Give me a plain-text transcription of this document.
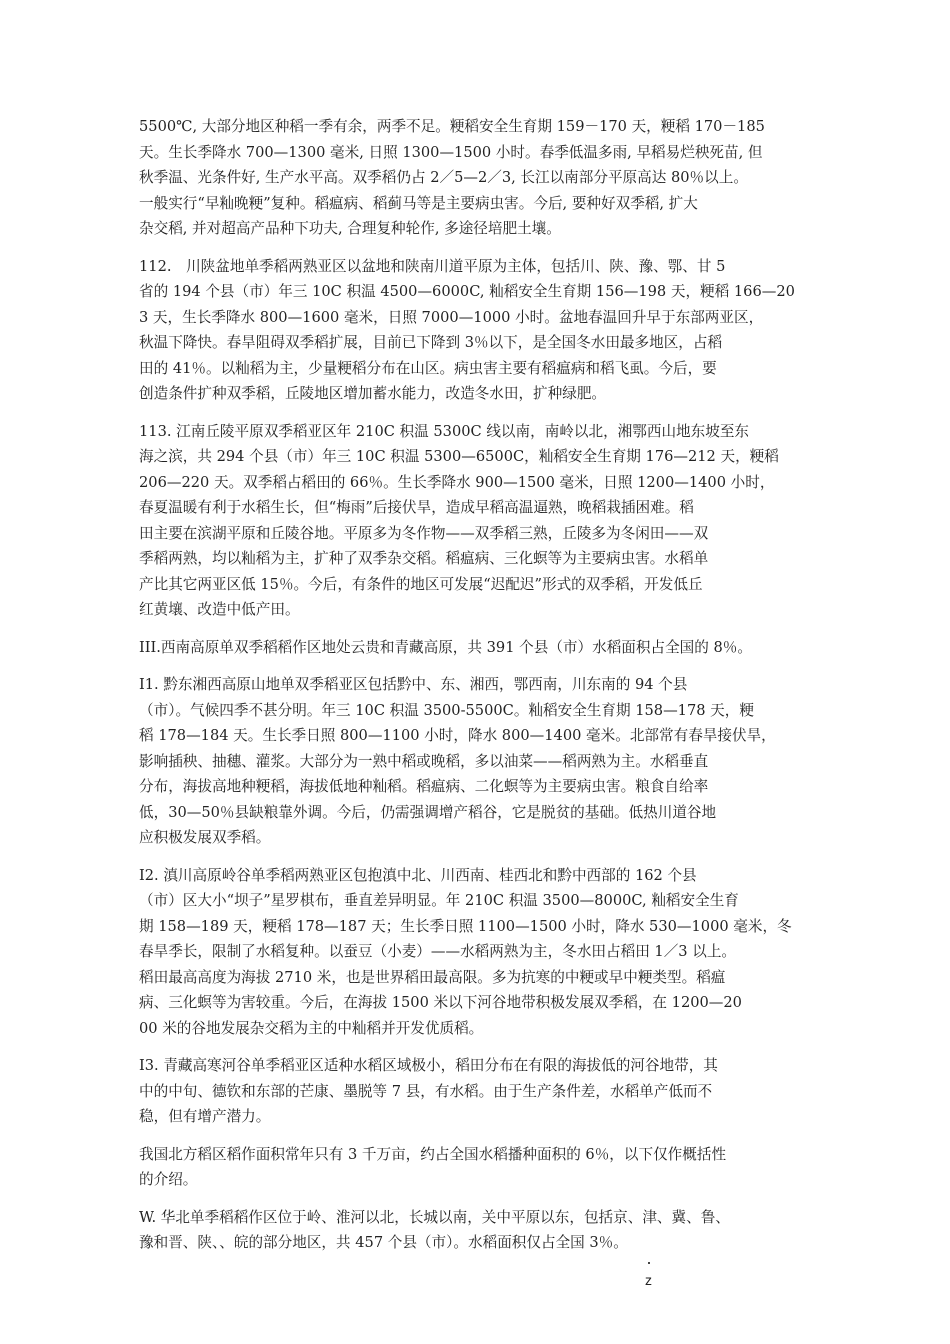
5500℃, 大部分地区种稻一季有余，两季不足。粳稻安全生育期 159－170 天，粳稻 170－185
天。生长季降水 700—1300 毫米, 日照 1300—1500 小时。春季低温多雨, 早稻易烂秧死苗, 但
秋季温、光条件好, 生产水平高。双季稻仍占 2／5—2／3, 长江以南部分平原高达 80％以上。
一般实行“早籼晚粳”复种。稻瘟病、稻蓟马等是主要病虫害。今后, 要种好双季稻, 扩大
杂交稻, 并对超高产品种下功夫, 合理复种轮作, 多途径培肥土壤。

112.　川陕盆地单季稻两熟亚区以盆地和陕南川道平原为主体，包括川、陕、豫、鄂、甘 5
省的 194 个县（市）年三 10C 积温 4500—6000C, 籼稻安全生育期 156—198 天，粳稻 166—20
3 天，生长季降水 800—1600 毫米，日照 7000—1000 小时。盆地春温回升早于东部两亚区，
秋温下降快。春旱阻碍双季稻扩展，目前已下降到 3％以下，是全国冬水田最多地区，占稻
田的 41％。以籼稻为主，少量粳稻分布在山区。病虫害主要有稻瘟病和稻飞虱。今后，要
创造条件扩种双季稻，丘陵地区增加蓄水能力，改造冬水田，扩种绿肥。

113. 江南丘陵平原双季稻亚区年 210C 积温 5300C 线以南，南岭以北，湘鄂西山地东坡至东
海之滨，共 294 个县（市）年三 10C 积温 5300—6500C，籼稻安全生育期 176—212 天，粳稻
206—220 天。双季稻占稻田的 66％。生长季降水 900—1500 毫米，日照 1200—1400 小时，
春夏温暖有利于水稻生长，但“梅雨”后接伏旱，造成早稻高温逼熟，晚稻栽插困难。稻
田主要在滨湖平原和丘陵谷地。平原多为冬作物——双季稻三熟，丘陵多为冬闲田——双
季稻两熟，均以籼稻为主，扩种了双季杂交稻。稻瘟病、三化螟等为主要病虫害。水稻单
产比其它两亚区低 15％。今后，有条件的地区可发展“迟配迟”形式的双季稻，开发低丘
红黄壤、改造中低产田。

III.西南高原单双季稻稻作区地处云贵和青藏高原，共 391 个县（市）水稻面积占全国的 8％。

I1. 黔东湘西高原山地单双季稻亚区包括黔中、东、湘西，鄂西南，川东南的 94 个县
（市）。气候四季不甚分明。年三 10C 积温 3500-5500C。籼稻安全生育期 158—178 天，粳
稻 178—184 天。生长季日照 800—1100 小时，降水 800—1400 毫米。北部常有春旱接伏旱，
影响插秧、抽穗、灌浆。大部分为一熟中稻或晚稻，多以油菜——稻两熟为主。水稻垂直
分布，海拔高地种粳稻，海拔低地种籼稻。稻瘟病、二化螟等为主要病虫害。粮食自给率
低，30—50％县缺粮靠外调。今后，仍需强调增产稻谷，它是脱贫的基础。低热川道谷地
应积极发展双季稻。

I2. 滇川高原岭谷单季稻两熟亚区包抱滇中北、川西南、桂西北和黔中西部的 162 个县
（市）区大小“坝子”星罗棋布，垂直差异明显。年 210C 积温 3500—8000C, 籼稻安全生育
期 158—189 天，粳稻 178—187 天；生长季日照 1100—1500 小时，降水 530—1000 毫米，冬
春旱季长，限制了水稻复种。以蚕豆（小麦）——水稻两熟为主，冬水田占稻田 1／3 以上。
稻田最高高度为海拔 2710 米，也是世界稻田最高限。多为抗寒的中粳或早中粳类型。稻瘟
病、三化螟等为害较重。今后，在海拔 1500 米以下河谷地带积极发展双季稻，在 1200—20
00 米的谷地发展杂交稻为主的中籼稻并开发优质稻。

I3. 青藏高寒河谷单季稻亚区适种水稻区域极小，稻田分布在有限的海拔低的河谷地带，其
中的中旬、德钦和东部的芒康、墨脱等 7 县，有水稻。由于生产条件差，水稻单产低而不
稳，但有增产潜力。

我国北方稻区稻作面积常年只有 3 千万亩，约占全国水稻播种面积的 6％，以下仅作概括性
的介绍。

W. 华北单季稻稻作区位于岭、淮河以北，长城以南，关中平原以东，包括京、津、冀、鲁、
豫和晋、陕、、皖的部分地区，共 457 个县（市）。水稻面积仅占全国 3％。

z
